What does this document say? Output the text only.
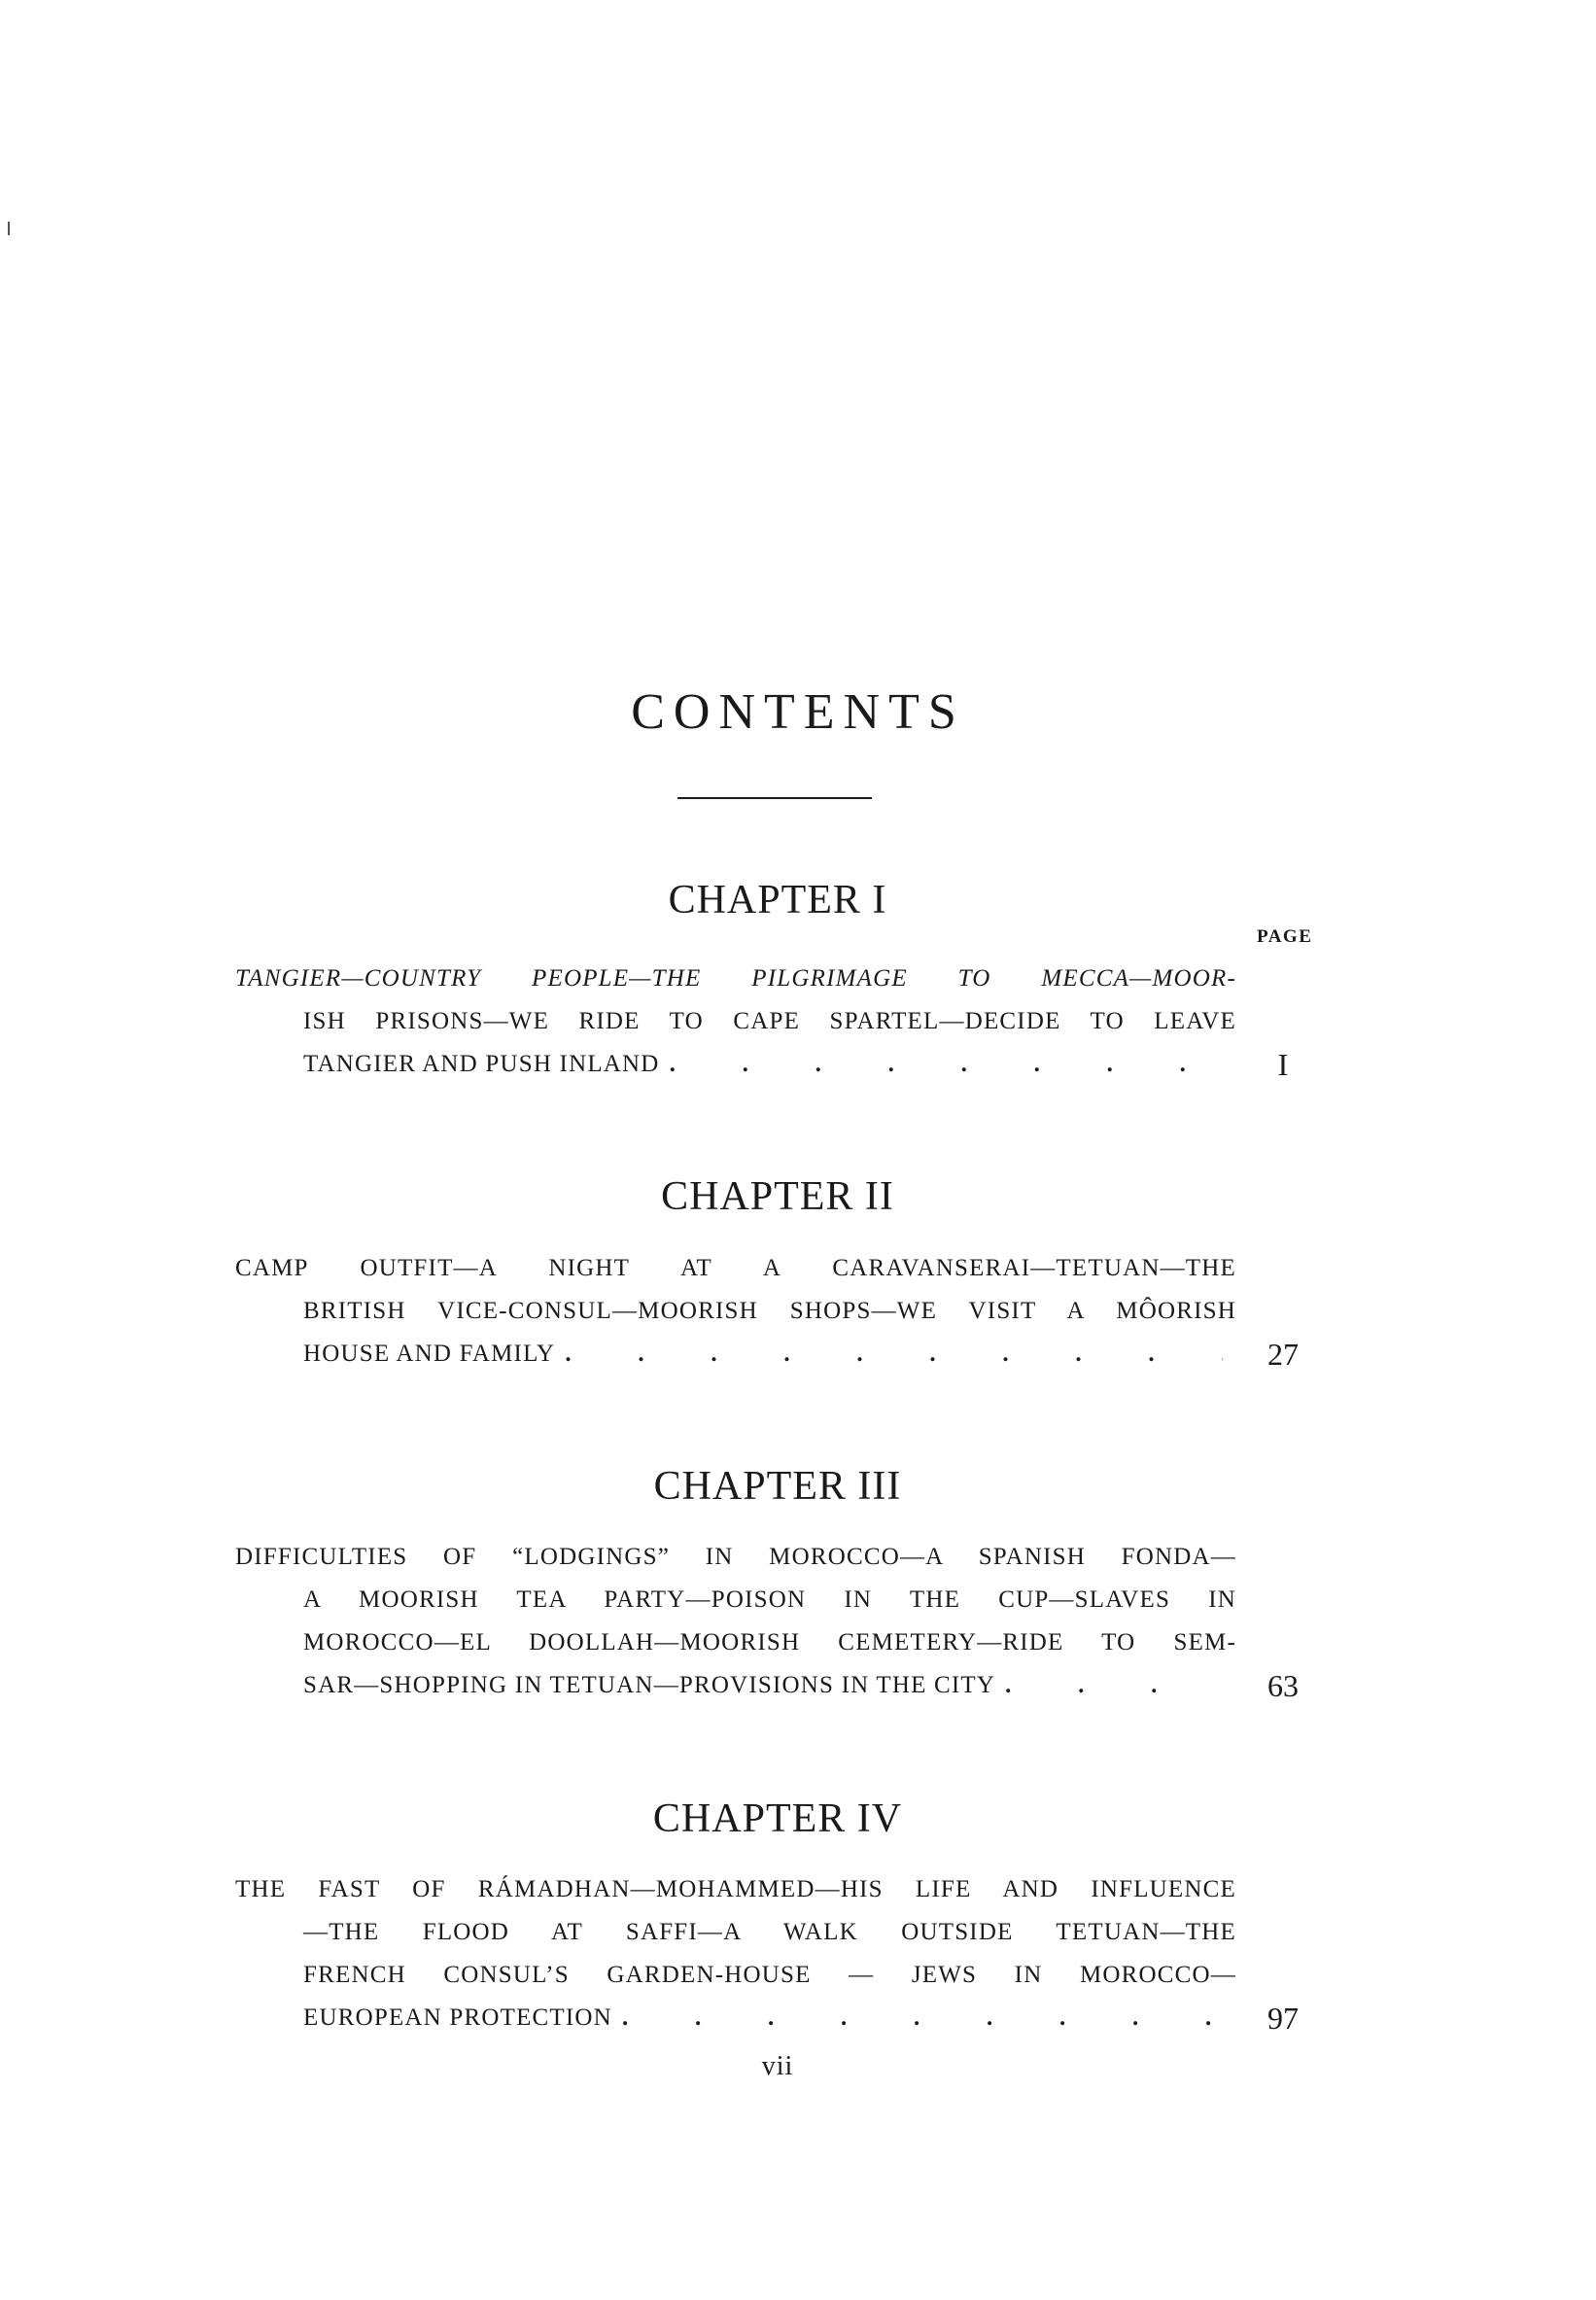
CONTENTS
PAGE
CHAPTER I
TANGIER—COUNTRY PEOPLE—THE PILGRIMAGE TO MECCA—MOOR-
ISH PRISONS—WE RIDE TO CAPE SPARTEL—DECIDE TO LEAVE
TANGIER AND PUSH INLAND .	I
CHAPTER II
CAMP OUTFIT—A NIGHT AT A CARAVANSERAI—TETUAN—THE
BRITISH VICE-CONSUL—MOORISH SHOPS—WE VISIT A MÔORISH
HOUSE AND FAMILY .	27
CHAPTER III
DIFFICULTIES OF “LODGINGS” IN MOROCCO—A SPANISH FONDA—
A MOORISH TEA PARTY—POISON IN THE CUP—SLAVES IN
MOROCCO—EL DOOLLAH—MOORISH CEMETERY—RIDE TO SEM-
SAR—SHOPPING IN TETUAN—PROVISIONS IN THE CITY .	63
CHAPTER IV
THE FAST OF RÁMADHAN—MOHAMMED—HIS LIFE AND INFLUENCE
—THE FLOOD AT SAFFI—A WALK OUTSIDE TETUAN—THE
FRENCH CONSUL’S GARDEN-HOUSE — JEWS IN MOROCCO—
EUROPEAN PROTECTION .	97
vii
